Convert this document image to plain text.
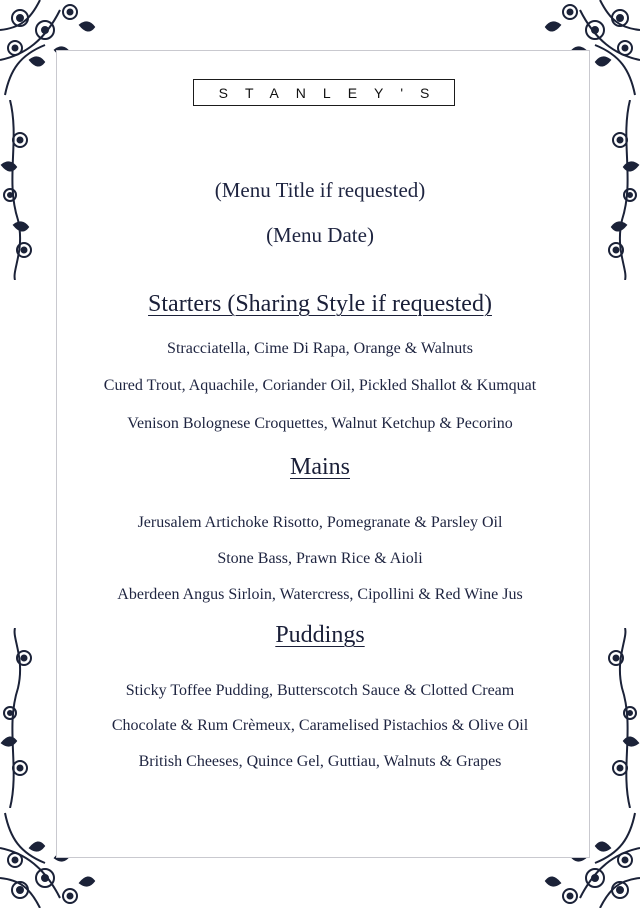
STANLEY'S
(Menu Title if requested)
(Menu Date)
Starters (Sharing Style if requested)
Stracciatella, Cime Di Rapa, Orange & Walnuts
Cured Trout, Aquachile, Coriander Oil, Pickled Shallot & Kumquat
Venison Bolognese Croquettes, Walnut Ketchup & Pecorino
Mains
Jerusalem Artichoke Risotto, Pomegranate & Parsley Oil
Stone Bass, Prawn Rice & Aioli
Aberdeen Angus Sirloin, Watercress, Cipollini & Red Wine Jus
Puddings
Sticky Toffee Pudding, Butterscotch Sauce & Clotted Cream
Chocolate & Rum Crèmeux, Caramelised Pistachios & Olive Oil
British Cheeses, Quince Gel, Guttiau, Walnuts & Grapes
